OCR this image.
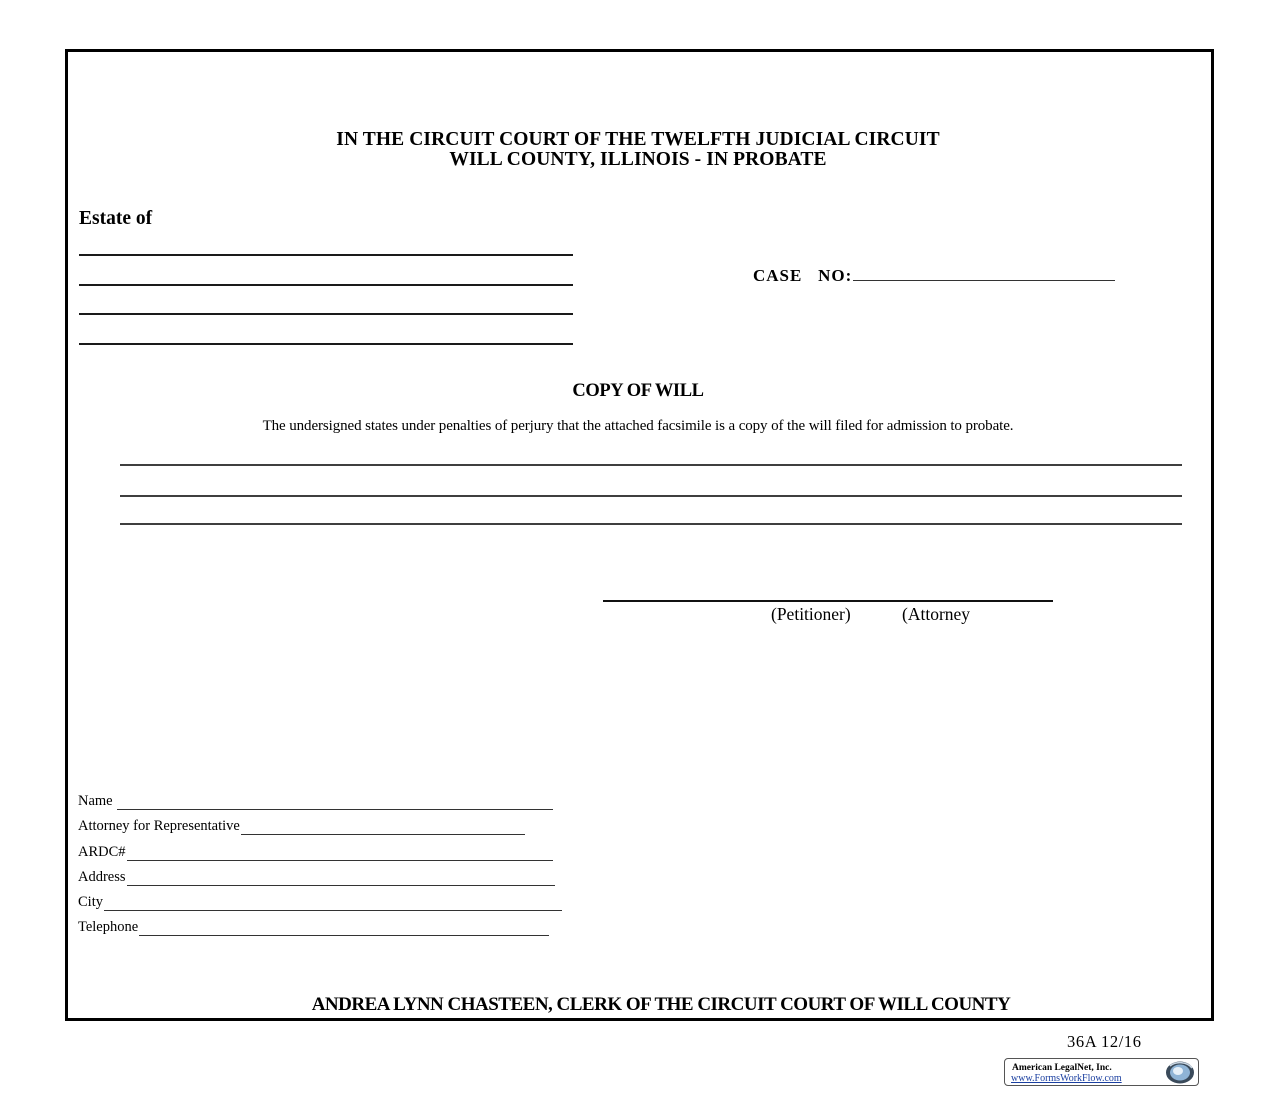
IN THE CIRCUIT COURT OF THE TWELFTH JUDICIAL CIRCUIT
WILL COUNTY, ILLINOIS - IN PROBATE
Estate of
CASE   NO:
COPY OF WILL
The undersigned states under penalties of perjury that the attached facsimile is a copy of the will filed for admission to probate.
(Petitioner)	(Attorney
Name
Attorney for Representative
ARDC#
Address
City
Telephone
ANDREA LYNN CHASTEEN, CLERK OF THE CIRCUIT COURT OF WILL COUNTY
36A 12/16
American LegalNet, Inc.
www.FormsWorkFlow.com
